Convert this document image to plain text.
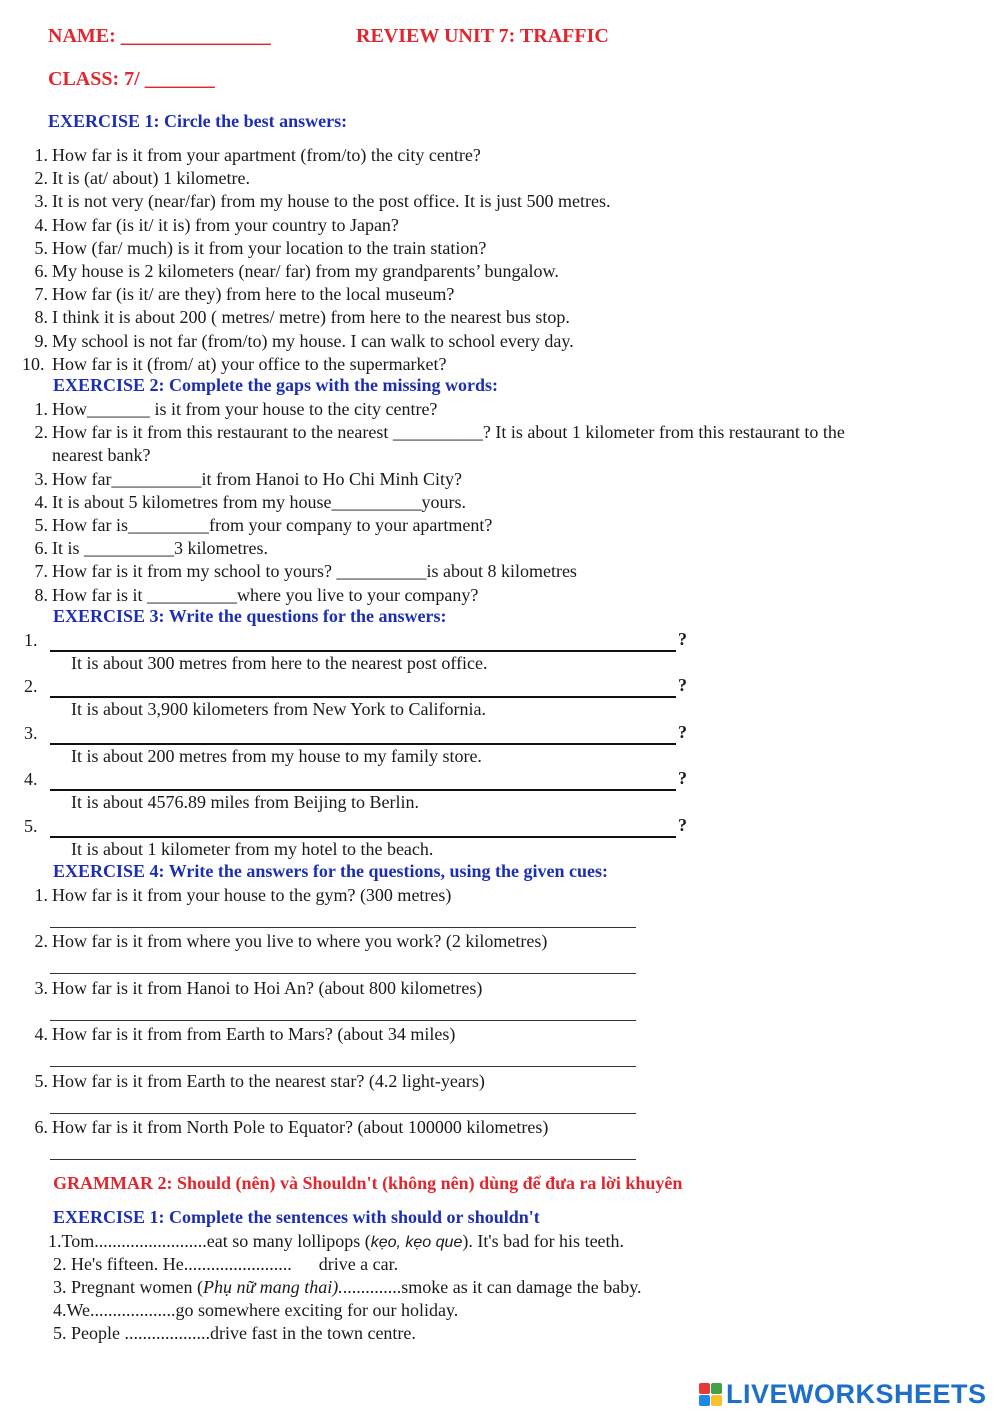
NAME: _______________	REVIEW UNIT 7: TRAFFIC
CLASS: 7/ _______
EXERCISE 1: Circle the best answers:
1. How far is it from your apartment (from/to) the city centre?
2. It is (at/ about) 1 kilometre.
3. It is not very (near/far) from my house to the post office. It is just 500 metres.
4. How far (is it/ it is) from your country to Japan?
5. How (far/ much) is it from your location to the train station?
6. My house is 2 kilometers (near/ far) from my grandparents’ bungalow.
7. How far (is it/ are they) from here to the local museum?
8. I think it is about 200 ( metres/ metre) from here to the nearest bus stop.
9. My school is not far (from/to) my house. I can walk to school every day.
10. How far is it (from/ at) your office to the supermarket?
EXERCISE 2: Complete the gaps with the missing words:
1. How_______ is it from your house to the city centre?
2. How far is it from this restaurant to the nearest __________? It is about 1 kilometer from this restaurant to the
nearest bank?
3. How far__________it from Hanoi to Ho Chi Minh City?
4. It is about 5 kilometres from my house__________yours.
5. How far is_________from your company to your apartment?
6. It is __________3 kilometres.
7. How far is it from my school to yours? __________is about 8 kilometres
8. How far is it __________where you live to your company?
EXERCISE 3: Write the questions for the answers:
1.	?
It is about 300 metres from here to the nearest post office.
2.	?
It is about 3,900 kilometers from New York to California.
3.	?
It is about 200 metres from my house to my family store.
4.	?
It is about 4576.89 miles from Beijing to Berlin.
5.	?
It is about 1 kilometer from my hotel to the beach.
EXERCISE 4: Write the answers for the questions, using the given cues:
1. How far is it from your house to the gym? (300 metres)
2. How far is it from where you live to where you work? (2 kilometres)
3. How far is it from Hanoi to Hoi An? (about 800 kilometres)
4. How far is it from from Earth to Mars? (about 34 miles)
5. How far is it from Earth to the nearest star? (4.2 light-years)
6. How far is it from North Pole to Equator? (about 100000 kilometres)
GRAMMAR 2: Should (nên) và Shouldn't (không nên) dùng để đưa ra lời khuyên
EXERCISE 1: Complete the sentences with should or shouldn't
1.Tom.........................eat so many lollipops (kẹo, kẹo que). It's bad for his teeth.
2. He's fifteen. He........................      drive a car.
3. Pregnant women (Phụ nữ mang thai)..............smoke as it can damage the baby.
4.We...................go somewhere exciting for our holiday.
5. People ...................drive fast in the town centre.
LIVEWORKSHEETS
